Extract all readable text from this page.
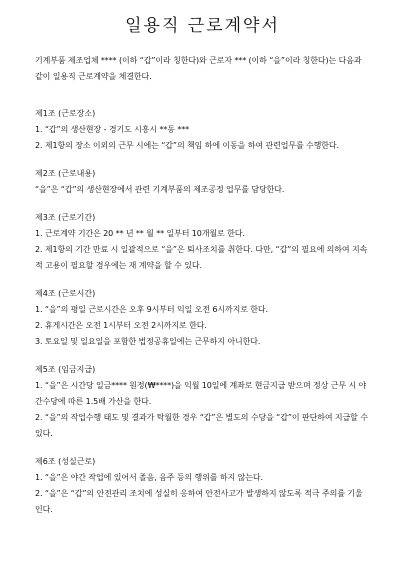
일용직 근로계약서

기계부품 제조업체 **** (이하 “갑”이라 칭한다)와 근로자 *** (이하 “을”이라 칭한다)는 다음과 같이 일용직 근로계약을 체결한다.

제1조 (근로장소)

1. “갑”의 생산현장 - 경기도 시흥시 **동 ***

2. 제1항의 장소 이외의 근무 시에는 “갑”의 책임 하에 이동을 하여 관련업무를 수행한다.

제2조 (근로내용)

“을”은 “갑”의 생산현장에서 관련 기계부품의 제조공정 업무를 담당한다.

제3조 (근로기간)

1. 근로계약 기간은 20 ** 년 ** 월 ** 일부터 10개월로 한다.

2. 제1항의 기간 만료 시 일괄적으로 “을”은 퇴사조치를 취한다. 다만, “갑”의 필요에 의하여 지속적 고용이 필요할 경우에는 재 계약을 할 수 있다.

제4조 (근로시간)

1. “을”의 평일 근로시간은 오후 9시부터 익일 오전 6시까지로 한다.

2. 휴게시간은 오전 1시부터 오전 2시까지로 한다.

3. 토요일 및 일요일을 포함한 법정공휴일에는 근무하지 아니한다.

제5조 (임금지급)

1. “을”은 시간당 일금**** 원정(₩****)을 익월 10일에 계좌로 현금지급 받으며 정상 근무 시 야간수당에 따른 1.5배 가산을 한다.

2. “을”의 작업수행 태도 및 결과가 탁월한 경우 “갑”은 별도의 수당을 “갑”이 판단하여 지급할 수 있다.

제6조 (성실근로)

1. “을”은 야간 작업에 있어서 졸음, 음주 등의 행위를 하지 않는다.

2. “을”은 “갑”의 안전관리 조치에 성실히 응하여 안전사고가 발생하지 않도록 적극 주의를 기울인다.
